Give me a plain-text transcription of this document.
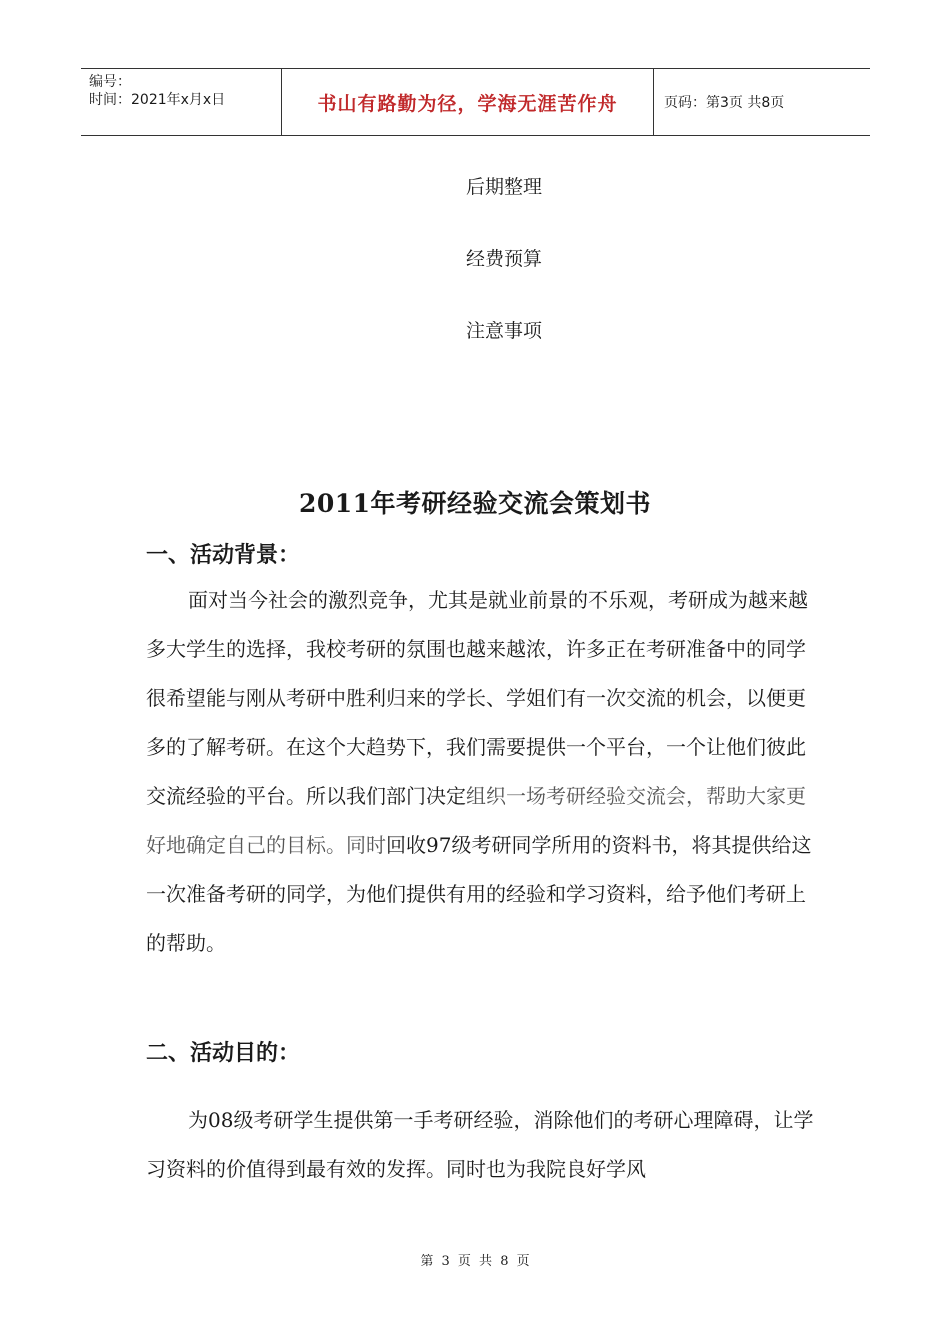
编号：
时间：2021年x月x日	书山有路勤为径，学海无涯苦作舟	页码：第3页 共8页
后期整理
经费预算
注意事项
2011年考研经验交流会策划书
一、活动背景：

面对当今社会的激烈竞争，尤其是就业前景的不乐观，考研成为越来越多大学生的选择，我校考研的氛围也越来越浓，许多正在考研准备中的同学很希望能与刚从考研中胜利归来的学长、学姐们有一次交流的机会，以便更多的了解考研。在这个大趋势下，我们需要提供一个平台，一个让他们彼此交流经验的平台。所以我们部门决定组织一场考研经验交流会，帮助大家更好地确定自己的目标。同时回收97级考研同学所用的资料书，将其提供给这一次准备考研的同学，为他们提供有用的经验和学习资料，给予他们考研上的帮助。

二、活动目的：

为08级考研学生提供第一手考研经验，消除他们的考研心理障碍，让学习资料的价值得到最有效的发挥。同时也为我院良好学风

第 3 页 共 8 页
